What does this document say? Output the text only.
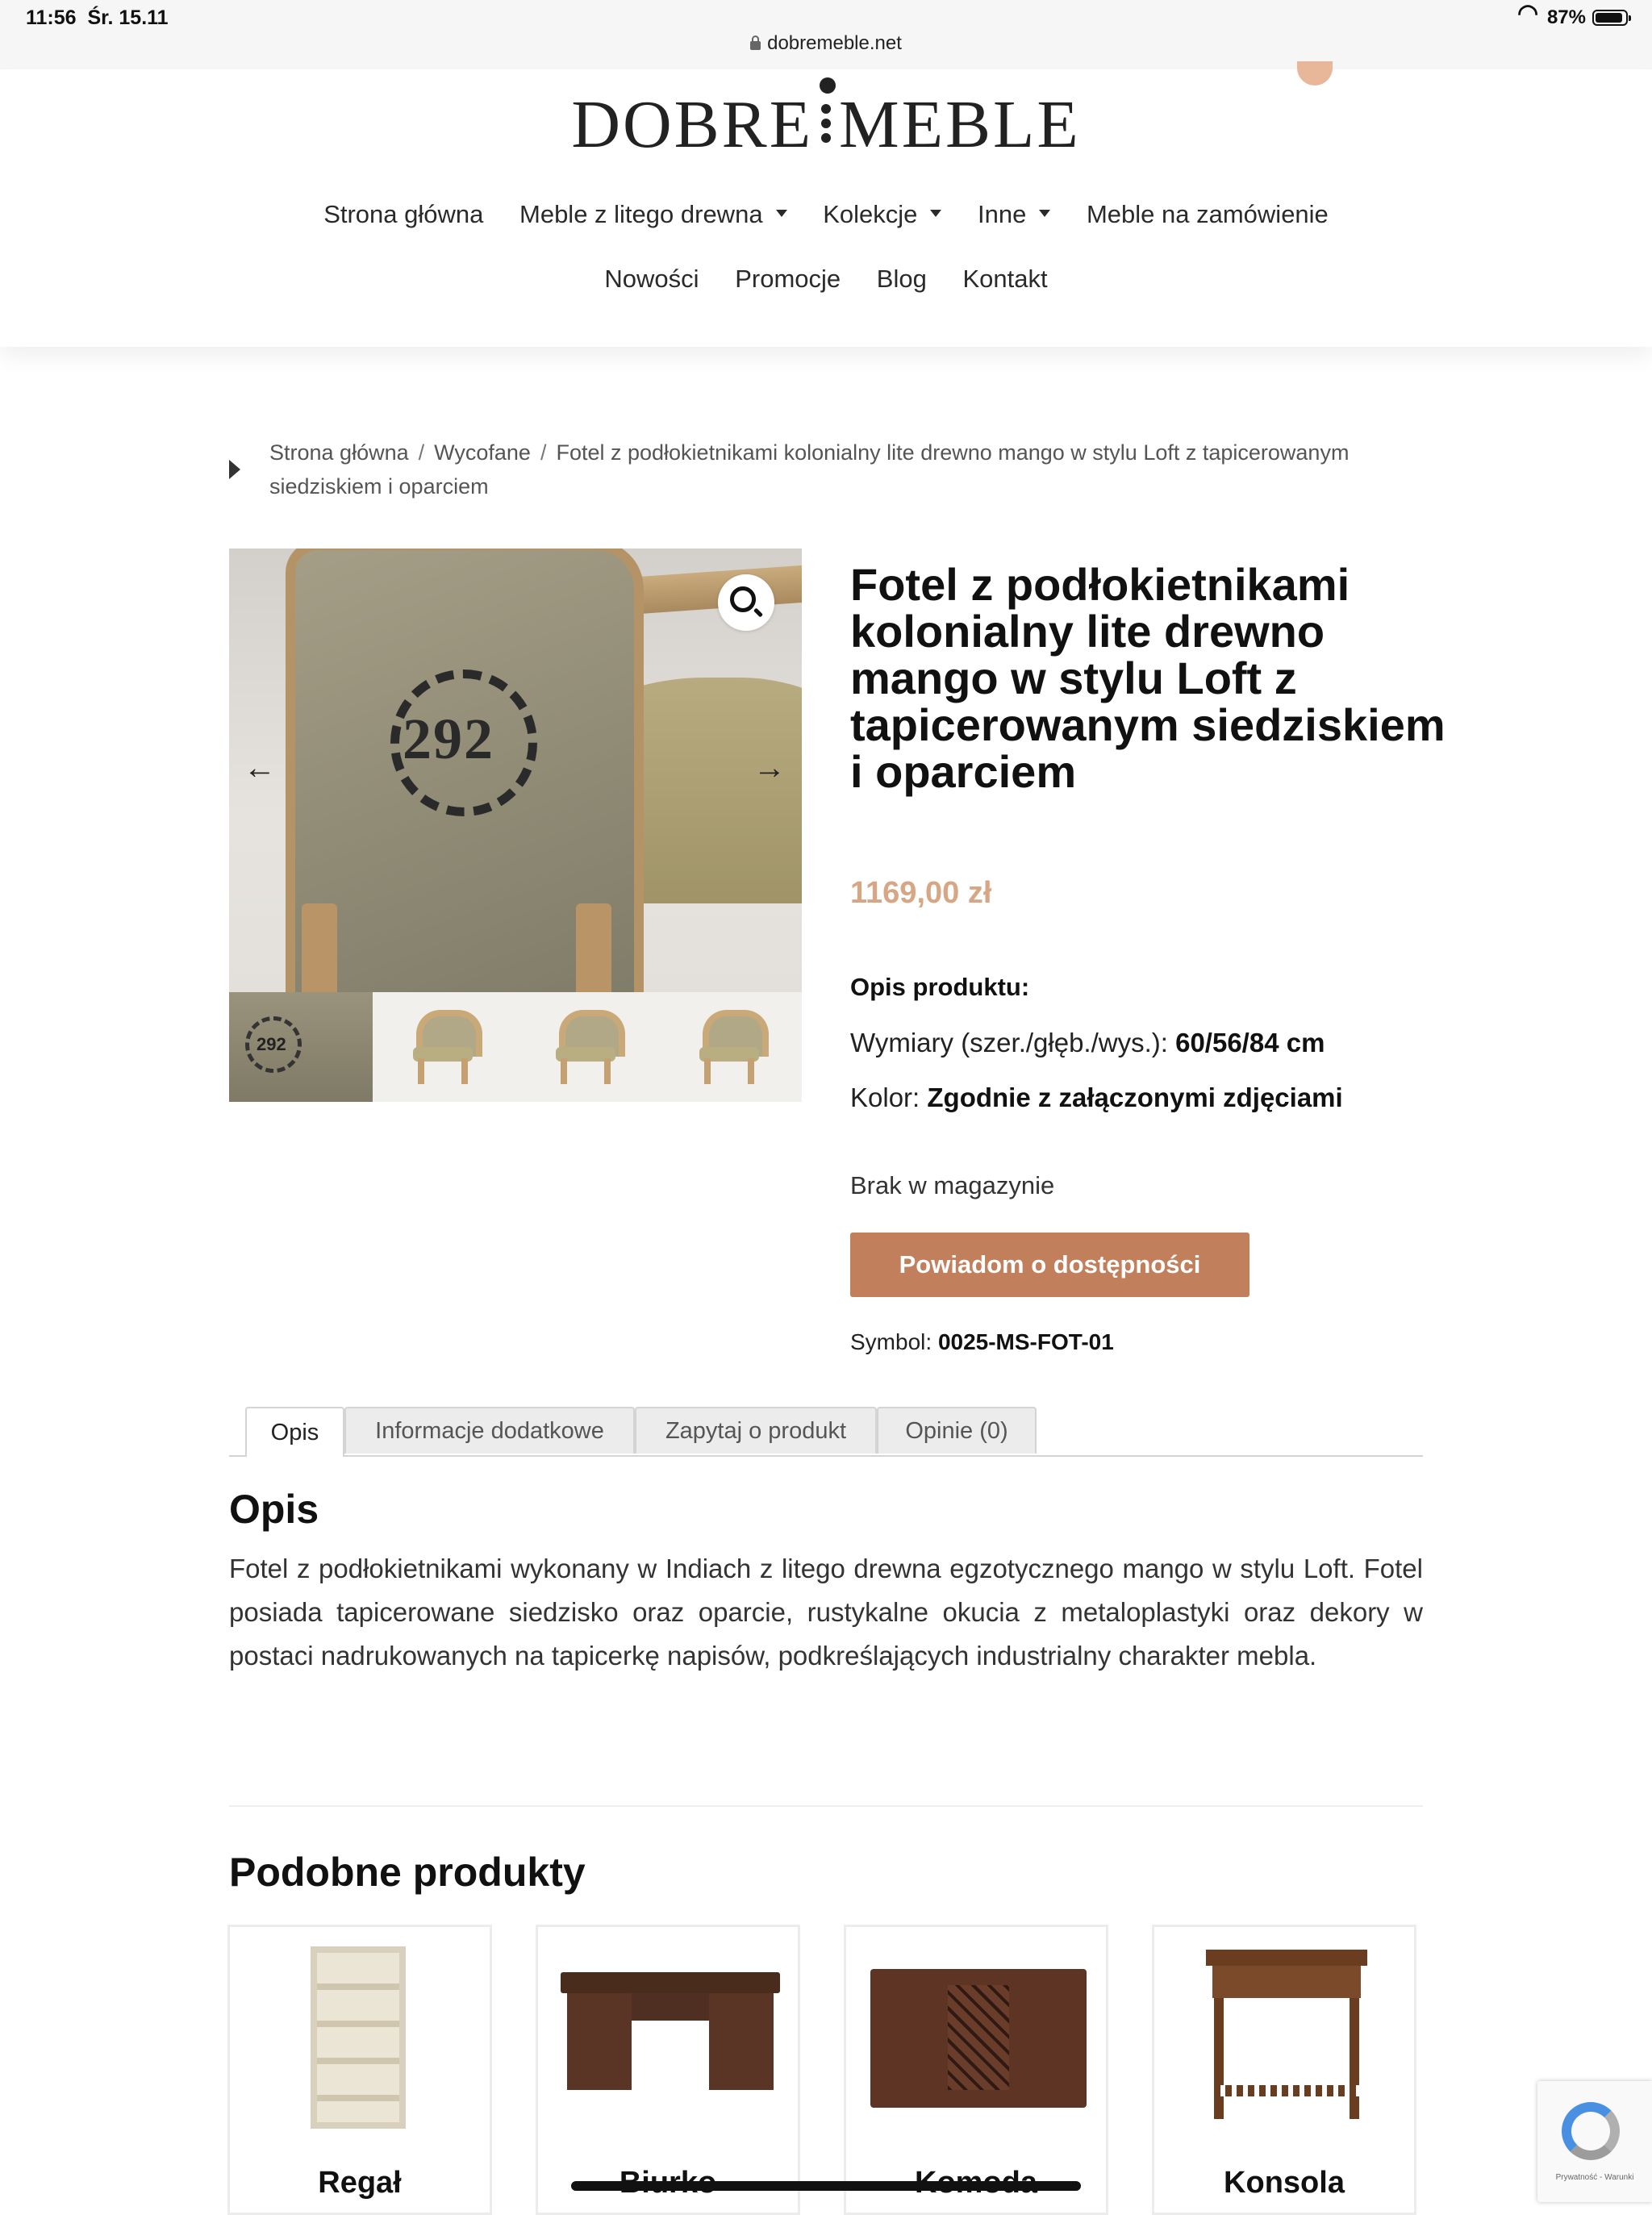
11:56 Śr. 15.11
dobremeble.net
◠
87%
DOBRE MEBLE
Strona główna Meble z litego drewna Kolekcje Inne Meble na zamówienie
Nowości Promocje Blog Kontakt
Strona główna / Wycofane / Fotel z podłokietnikami kolonialny lite drewno mango w stylu Loft z tapicerowanym siedziskiem i oparciem
292
←	→
292
Fotel z podłokietnikami kolonialny lite drewno mango w stylu Loft z tapicerowanym siedziskiem i oparciem
1169,00 zł
Opis produktu:
Wymiary (szer./głęb./wys.): 60/56/84 cm
Kolor: Zgodnie z załączonymi zdjęciami
Brak w magazynie
Powiadom o dostępności
Symbol: 0025-MS-FOT-01
Opis	Informacje dodatkowe	Zapytaj o produkt	Opinie (0)
Opis

Fotel z podłokietnikami wykonany w Indiach z litego drewna egzotycznego mango w stylu Loft. Fotel posiada tapicerowane siedzisko oraz oparcie, rustykalne okucia z metaloplastyki oraz dekory w postaci nadrukowanych na tapicerkę napisów, podkreślających industrialny charakter mebla.

Podobne produkty
Regał	Konsola	Prywatność - Warunki
